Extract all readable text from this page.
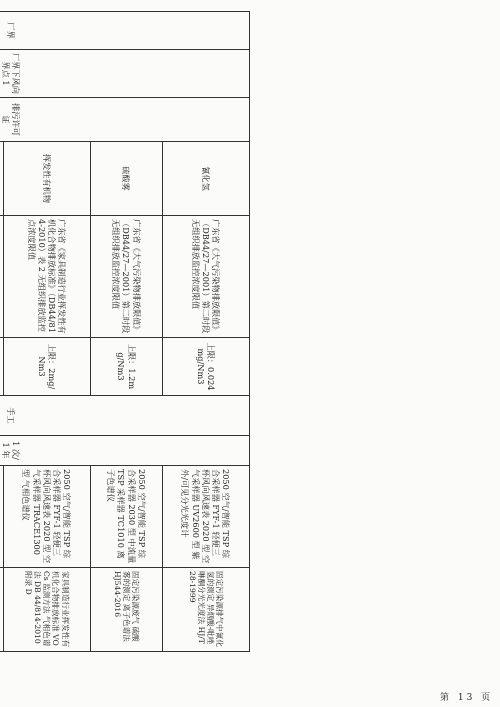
厂界	厂界下风向界点 1	排污许可证	氰化氢	广东省《大气污染物排放限值》（DB44/27—2001）第二时段无组织排放监控浓度限值	上限：0.024mg/Nm3	手工	1 次/1 年	2050 空气/智能 TSP 综合采样器 FYF-1 轻便三杯风向风速表 2020 型 空气采样器 UV2600 型 紫外/可见分光光度计	固定污染源排气中氰化氢的测定 异烟酸-吡唑啉酮分光光度法 HJ/T 28-1999
			硫酸雾	广东省《大气污染物排放限值》（DB44/27—2001）第二时段无组织排放监控浓度限值	上限：1.2mg/Nm3			2050 空气/智能 TSP 综合采样器 2030 型 中流量 TSP 采样器 TC1010 离子色谱仪	固定污染源废气 硫酸雾的测定 离子色谱法 HJ544-2016
			挥发性有机物	广东省《家具制造行业挥发性有机化合物排放标准》（DB44/814-2010）表 2 无组织排放监控点浓度限值	上限：2mg/Nm3			2050 空气/智能 TSP 综合采样器 FYF-1 轻便三杯风向风速表 2020 型 空气采样器 TRACE1300 型 气相色谱仪	家具制造行业挥发性有机化合物排放标准 VOCs 监测方法 气相色谱法 DB 44/814-2010 附录 D

第 13 页
